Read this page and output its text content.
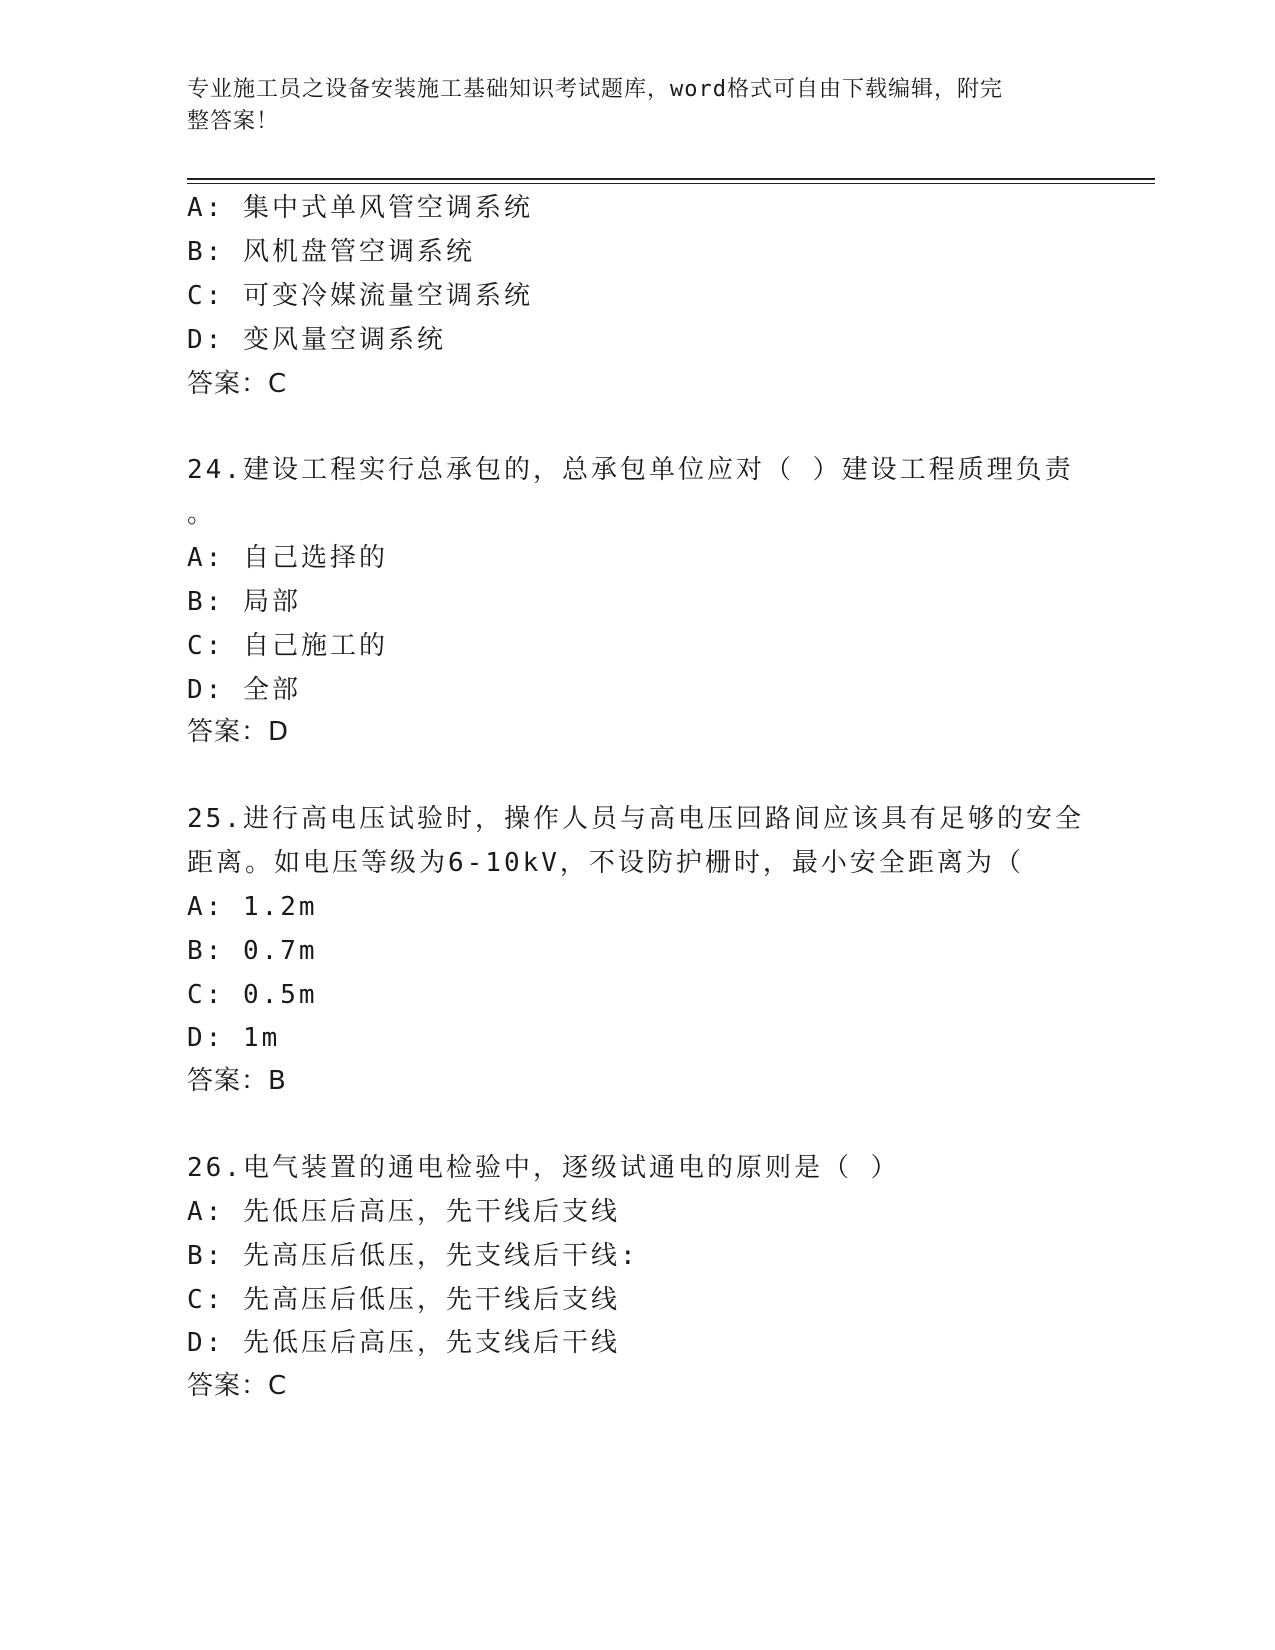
专业施工员之设备安装施工基础知识考试题库，word格式可自由下载编辑，附完
整答案！
A: 集中式单风管空调系统
B: 风机盘管空调系统
C: 可变冷媒流量空调系统
D: 变风量空调系统
答案：C
24.建设工程实行总承包的，总承包单位应对（ ）建设工程质理负责
。
A: 自己选择的
B: 局部
C: 自己施工的
D: 全部
答案：D
25.进行高电压试验时，操作人员与高电压回路间应该具有足够的安全
距离。如电压等级为6-10kV，不设防护栅时，最小安全距离为（
A: 1.2m
B: 0.7m
C: 0.5m
D: 1m
答案：B
26.电气装置的通电检验中，逐级试通电的原则是（ ）
A: 先低压后高压，先干线后支线
B: 先高压后低压，先支线后干线:
C: 先高压后低压，先干线后支线
D: 先低压后高压，先支线后干线
答案：C
